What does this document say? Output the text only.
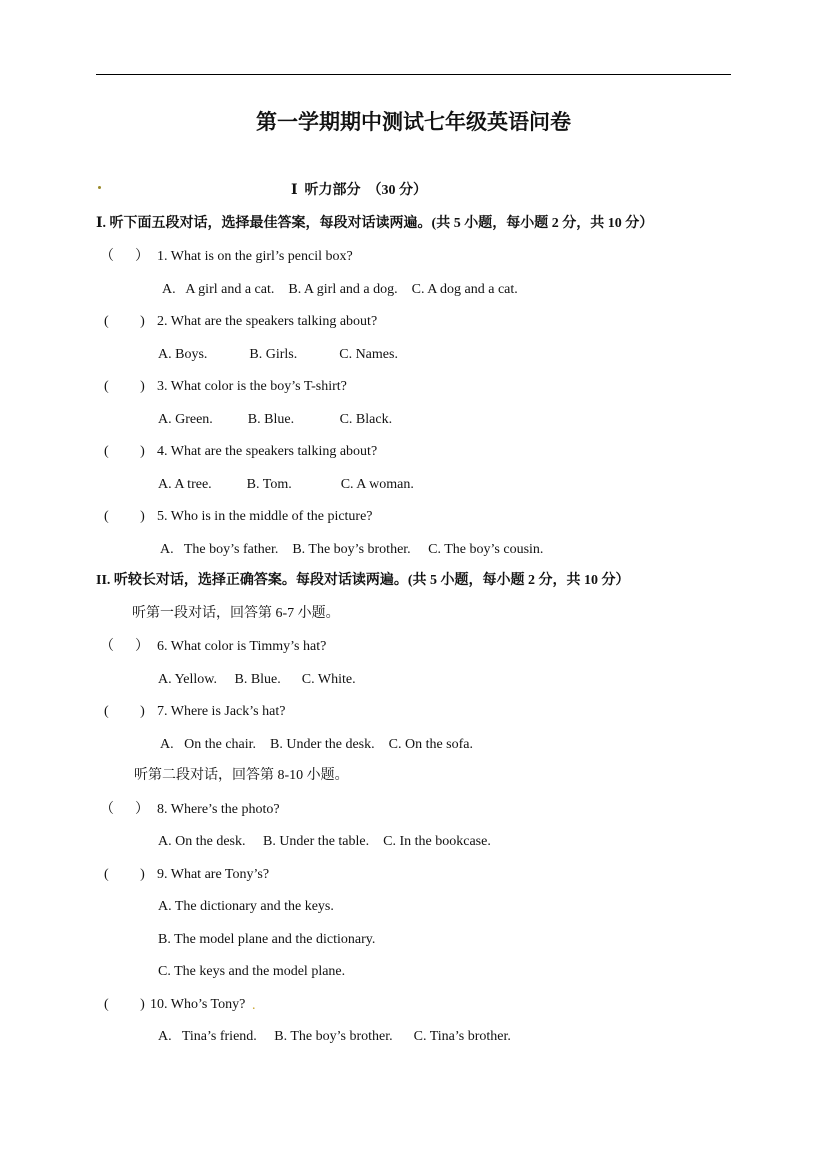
第一学期期中测试七年级英语问卷
Ⅰ  听力部分  （30 分）
Ⅰ. 听下面五段对话，选择最佳答案，每段对话读两遍。(共 5 小题，每小题 2 分，共 10 分）
（      ） 1. What is on the girl’s pencil box?
A.   A girl and a cat.    B. A girl and a dog.    C. A dog and a cat.
(         ) 2. What are the speakers talking about?
A. Boys.            B. Girls.            C. Names.
(         ) 3. What color is the boy’s T-shirt?
A. Green.          B. Blue.             C. Black.
(         ) 4. What are the speakers talking about?
A. A tree.          B. Tom.              C. A woman.
(         ) 5. Who is in the middle of the picture?
A.   The boy’s father.    B. The boy’s brother.     C. The boy’s cousin.
II. 听较长对话，选择正确答案。每段对话读两遍。(共 5 小题，每小题 2 分，共 10 分）
听第一段对话，回答第 6-7 小题。
（      ） 6. What color is Timmy’s hat?
A. Yellow.     B. Blue.      C. White.
(         ) 7. Where is Jack’s hat?
A.   On the chair.    B. Under the desk.    C. On the sofa.
听第二段对话，回答第 8-10 小题。
（      ） 8. Where’s the photo?
A. On the desk.     B. Under the table.    C. In the bookcase.
(         ) 9. What are Tony’s?
A. The dictionary and the keys.
B. The model plane and the dictionary.
C. The keys and the model plane.
(         ) 10. Who’s Tony? .
A.   Tina’s friend.     B. The boy’s brother.      C. Tina’s brother.
